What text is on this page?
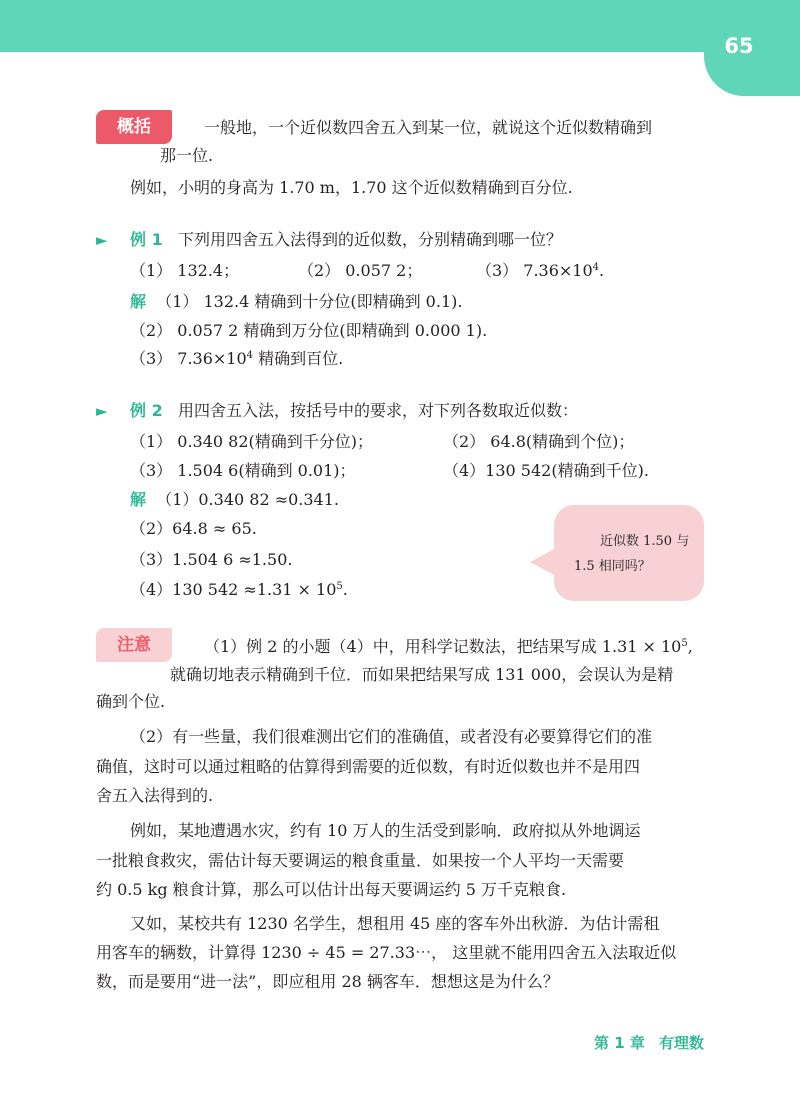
65
概括	一般地，一个近似数四舍五入到某一位，就说这个近似数精确到
那一位.
例如，小明的身高为 1.70 m，1.70 这个近似数精确到百分位.
► 例 1 下列用四舍五入法得到的近似数，分别精确到哪一位？
（1） 132.4；	（2） 0.057 2；	（3） $7.36\times 10^4$.
解 （1） 132.4 精确到十分位(即精确到 0.1).
（2） 0.057 2 精确到万分位(即精确到 0.000 1).
（3） $7.36\times 10^4$ 精确到百位.
► 例 2 用四舍五入法，按括号中的要求，对下列各数取近似数：
（1） 0.340 82(精确到千分位)；	（2） 64.8(精确到个位)；
（3） 1.504 6(精确到 0.01)；	（4）130 542(精确到千位).
解 （1）0.340 82 ≈0.341.
（2）64.8 ≈ 65.
（3）1.504 6 ≈1.50.
（4）130 $542 \approx 1.31 \times 10^5$.
近似数 1.50 与
1.5 相同吗？
注意	（1）例 2 的小题（4）中，用科学记数法，把结果写成 $1.31 \times 10^5$,
就确切地表示精确到千位．而如果把结果写成 131 000，会误认为是精
确到个位.
（2）有一些量，我们很难测出它们的准确值，或者没有必要算得它们的准
确值，这时可以通过粗略的估算得到需要的近似数，有时近似数也并不是用四
舍五入法得到的.
例如，某地遭遇水灾，约有 10 万人的生活受到影响．政府拟从外地调运
一批粮食救灾，需估计每天要调运的粮食重量．如果按一个人平均一天需要
约 0.5 kg 粮食计算，那么可以估计出每天要调运约 5 万千克粮食.
又如，某校共有 1230 名学生，想租用 45 座的客车外出秋游．为估计需租
用客车的辆数，计算得 1230 ÷ 45 = 27.33⋯， 这里就不能用四舍五入法取近似
数，而是要用“进一法”，即应租用 28 辆客车．想想这是为什么？
第 1 章 有理数
